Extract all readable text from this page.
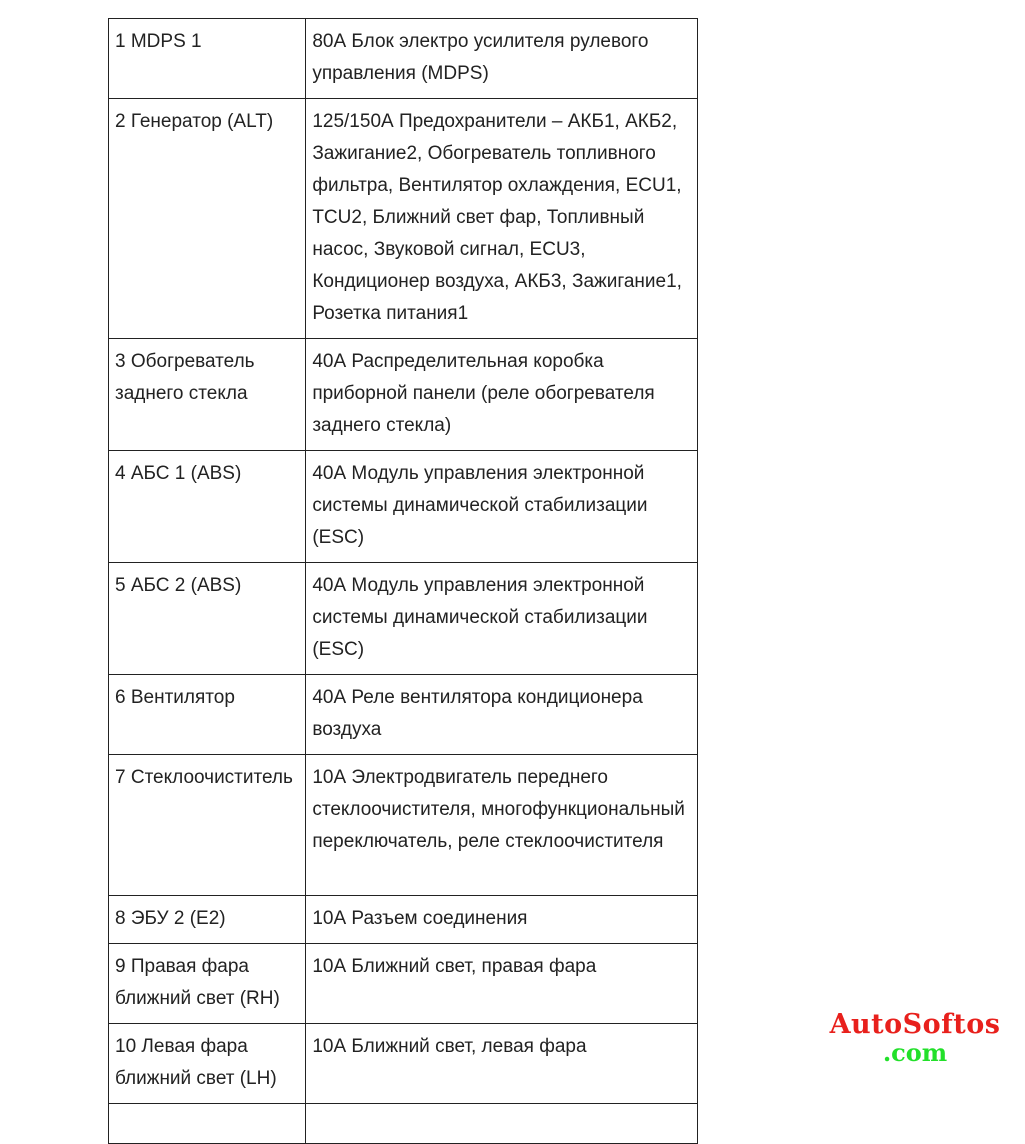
1 MDPS 1	80А Блок электро усилителя рулевого управления (MDPS)
2 Генератор (ALT)	125/150А Предохранители – АКБ1, АКБ2, Зажигание2, Обогреватель топливного фильтра, Вентилятор охлаждения, ECU1, TCU2, Ближний свет фар, Топливный насос, Звуковой сигнал, ECU3, Кондиционер воздуха, АКБ3, Зажигание1, Розетка питания1
3 Обогреватель заднего стекла	40А Распределительная коробка приборной панели (реле обогревателя заднего стекла)
4 АБС 1 (ABS)	40А Модуль управления электронной системы динамической стабилизации (ESC)
5 АБС 2 (ABS)	40А Модуль управления электронной системы динамической стабилизации (ESC)
6 Вентилятор	40А Реле вентилятора кондиционера воздуха
7 Стеклоочиститель	10А Электродвигатель переднего стеклоочистителя, многофункциональный переключатель, реле стеклоочистителя
8 ЭБУ 2 (E2)	10А Разъем соединения
9 Правая фара ближний свет (RH)	10А Ближний свет, правая фара
10 Левая фара ближний свет (LH)	10А Ближний свет, левая фара

AutoSoftos
.com
